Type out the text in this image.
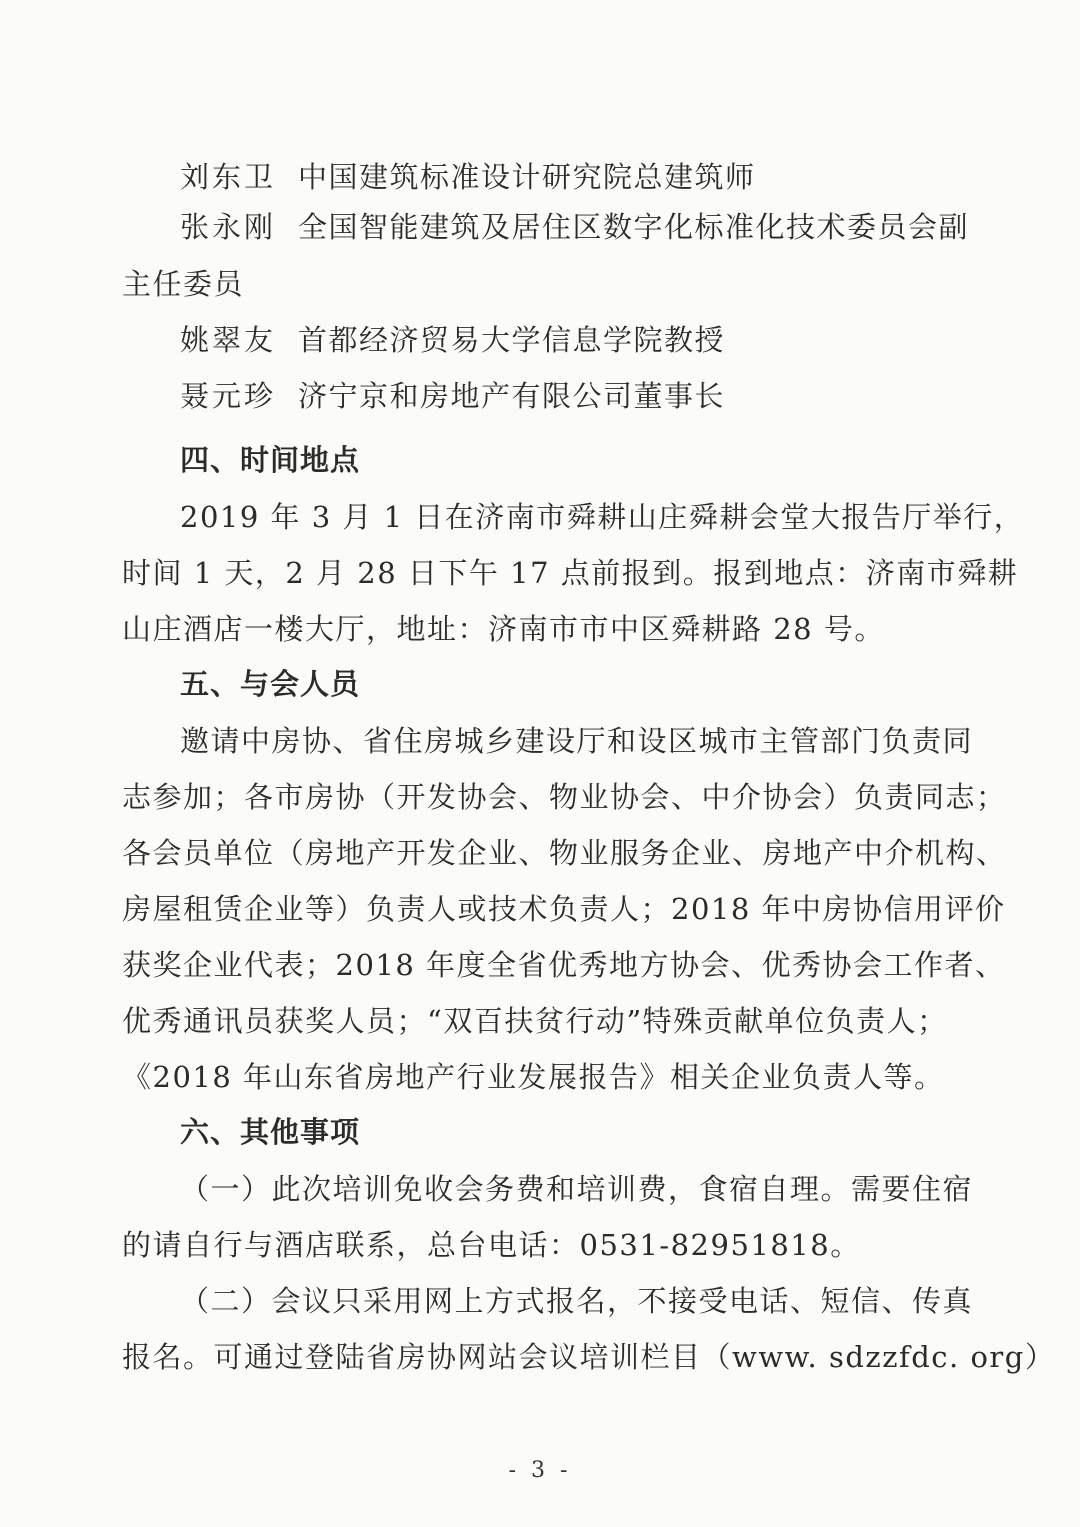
刘东卫 中国建筑标准设计研究院总建筑师
张永刚 全国智能建筑及居住区数字化标准化技术委员会副
主任委员
姚翠友 首都经济贸易大学信息学院教授
聂元珍 济宁京和房地产有限公司董事长
四、时间地点
2019 年 3 月 1 日在济南市舜耕山庄舜耕会堂大报告厅举行，
时间 1 天，2 月 28 日下午 17 点前报到。报到地点：济南市舜耕
山庄酒店一楼大厅，地址：济南市市中区舜耕路 28 号。
五、与会人员
邀请中房协、省住房城乡建设厅和设区城市主管部门负责同
志参加；各市房协（开发协会、物业协会、中介协会）负责同志；
各会员单位（房地产开发企业、物业服务企业、房地产中介机构、
房屋租赁企业等）负责人或技术负责人；2018 年中房协信用评价
获奖企业代表；2018 年度全省优秀地方协会、优秀协会工作者、
优秀通讯员获奖人员；“双百扶贫行动”特殊贡献单位负责人；
《2018 年山东省房地产行业发展报告》相关企业负责人等。
六、其他事项
（一）此次培训免收会务费和培训费，食宿自理。需要住宿
的请自行与酒店联系，总台电话：0531-82951818。
（二）会议只采用网上方式报名，不接受电话、短信、传真
报名。可通过登陆省房协网站会议培训栏目（www. sdzzfdc. org）
- 3 -
